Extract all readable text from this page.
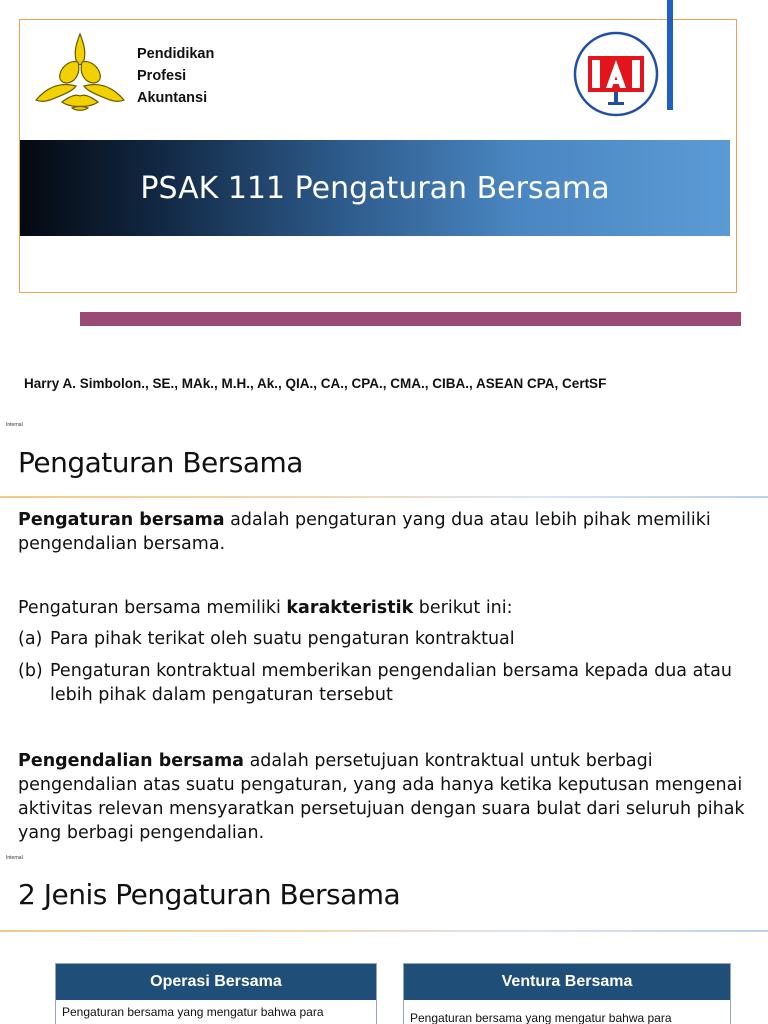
Pendidikan
Profesi
Akuntansi
PSAK 111 Pengaturan Bersama
Harry A. Simbolon., SE., MAk., M.H., Ak., QIA., CA., CPA., CMA., CIBA., ASEAN CPA, CertSF
Internal
Pengaturan Bersama
Pengaturan bersama adalah pengaturan yang dua atau lebih pihak memiliki pengendalian bersama.
Pengaturan bersama memiliki karakteristik berikut ini:
(a) Para pihak terikat oleh suatu pengaturan kontraktual
(b) Pengaturan kontraktual memberikan pengendalian bersama kepada dua atau lebih pihak dalam pengaturan tersebut
Pengendalian bersama adalah persetujuan kontraktual untuk berbagi pengendalian atas suatu pengaturan, yang ada hanya ketika keputusan mengenai aktivitas relevan mensyaratkan persetujuan dengan suara bulat dari seluruh pihak yang berbagi pengendalian.
Internal
2 Jenis Pengaturan Bersama
Operasi Bersama
Pengaturan bersama yang mengatur bahwa para
Ventura Bersama
Pengaturan bersama yang mengatur bahwa para
